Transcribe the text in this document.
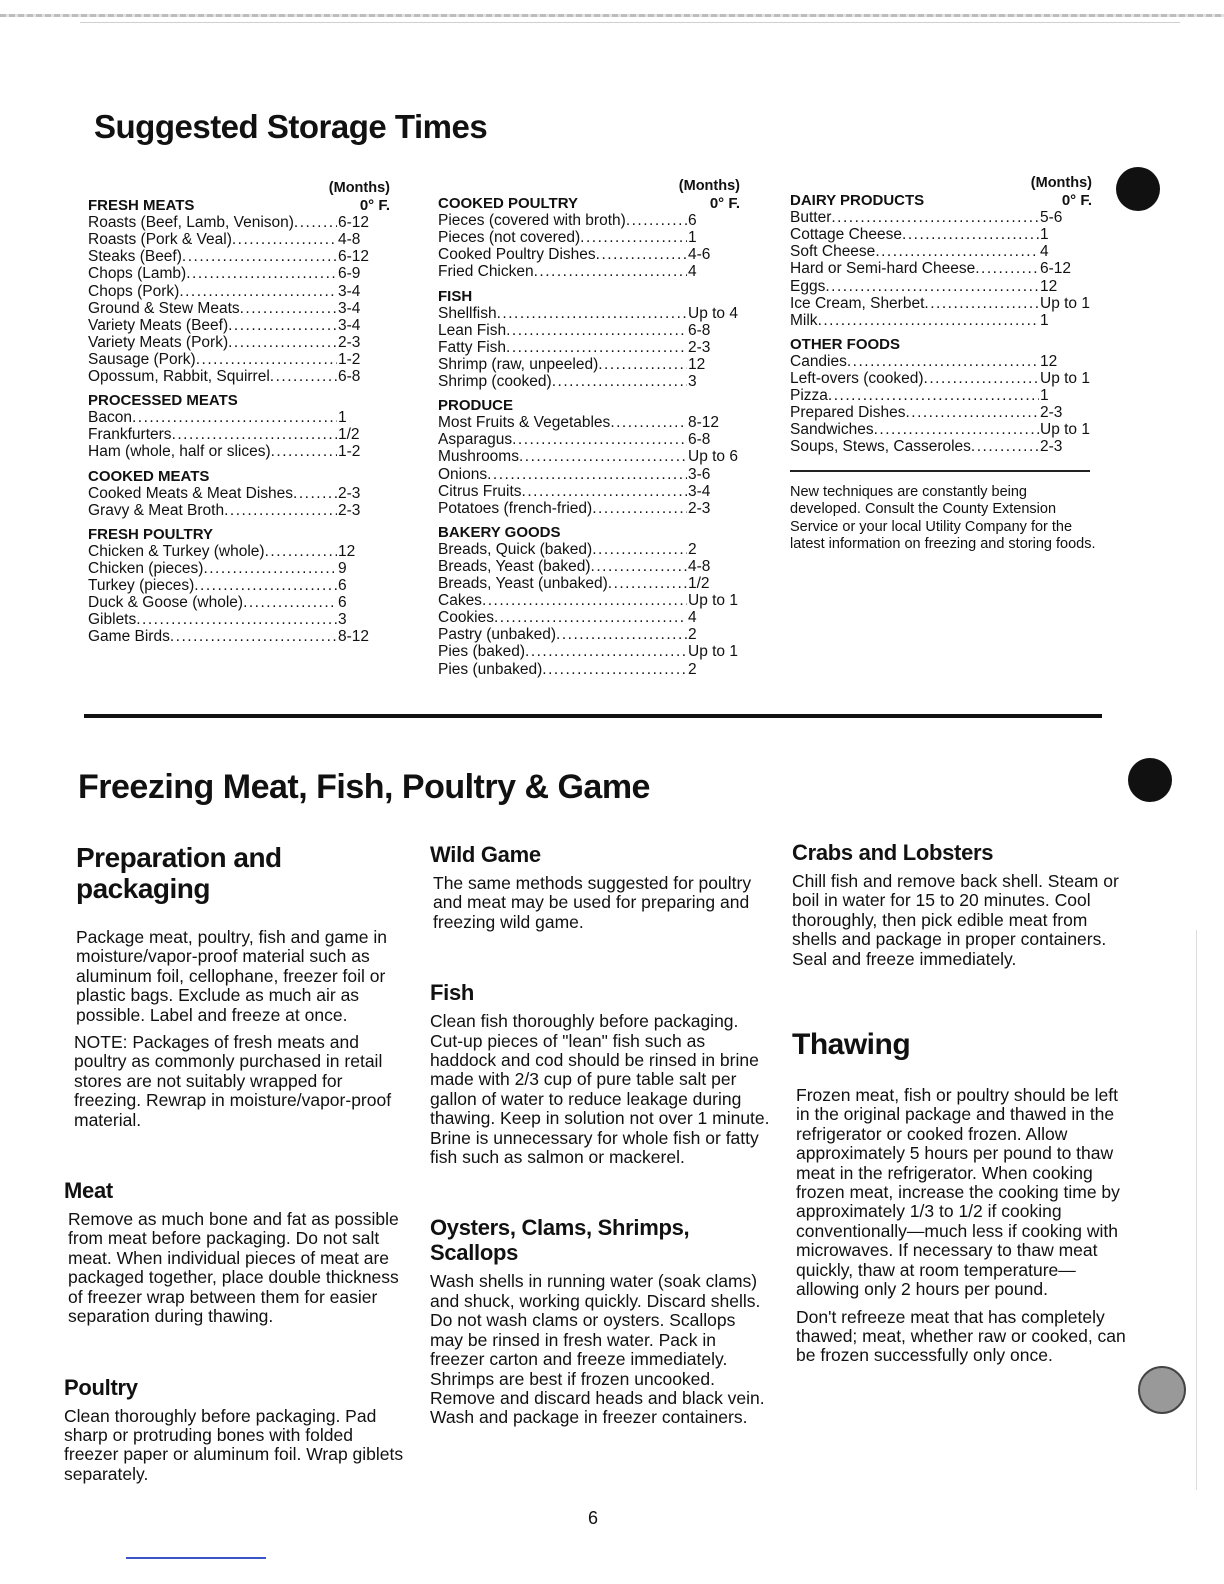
Suggested Storage Times
(Months)
FRESH MEATS	0° F.
Roasts (Beef, Lamb, Venison) .....	6-12
Roasts (Pork & Veal) .....	4-8
Steaks (Beef) .....	6-12
Chops (Lamb) .....	6-9
Chops (Pork) .....	3-4
Ground & Stew Meats .....	3-4
Variety Meats (Beef) .....	3-4
Variety Meats (Pork) .....	2-3
Sausage (Pork) .....	1-2
Opossum, Rabbit, Squirrel .....	6-8
PROCESSED MEATS
Bacon .....	1
Frankfurters .....	1/2
Ham (whole, half or slices) .....	1-2
COOKED MEATS
Cooked Meats & Meat Dishes .....	2-3
Gravy & Meat Broth .....	2-3
FRESH POULTRY
Chicken & Turkey (whole) .....	12
Chicken (pieces) .....	9
Turkey (pieces) .....	6
Duck & Goose (whole) .....	6
Giblets .....	3
Game Birds .....	8-12
(Months)
COOKED POULTRY	0° F.
Pieces (covered with broth) .....	6
Pieces (not covered) .....	1
Cooked Poultry Dishes .....	4-6
Fried Chicken .....	4
FISH
Shellfish .....	Up to 4
Lean Fish .....	6-8
Fatty Fish .....	2-3
Shrimp (raw, unpeeled) .....	12
Shrimp (cooked) .....	3
PRODUCE
Most Fruits & Vegetables .....	8-12
Asparagus .....	6-8
Mushrooms .....	Up to 6
Onions .....	3-6
Citrus Fruits .....	3-4
Potatoes (french-fried) .....	2-3
BAKERY GOODS
Breads, Quick (baked) .....	2
Breads, Yeast (baked) .....	4-8
Breads, Yeast (unbaked) .....	1/2
Cakes .....	Up to 1
Cookies .....	4
Pastry (unbaked) .....	2
Pies (baked) .....	Up to 1
Pies (unbaked) .....	2
(Months)
DAIRY PRODUCTS	0° F.
Butter .....	5-6
Cottage Cheese .....	1
Soft Cheese .....	4
Hard or Semi-hard Cheese .....	6-12
Eggs .....	12
Ice Cream, Sherbet .....	Up to 1
Milk .....	1
OTHER FOODS
Candies .....	12
Left-overs (cooked) .....	Up to 1
Pizza .....	1
Prepared Dishes .....	2-3
Sandwiches .....	Up to 1
Soups, Stews, Casseroles .....	2-3
New techniques are constantly being developed. Consult the County Extension Service or your local Utility Company for the latest information on freezing and storing foods.
Freezing Meat, Fish, Poultry & Game
Preparation and packaging

Package meat, poultry, fish and game in moisture/vapor-proof material such as aluminum foil, cellophane, freezer foil or plastic bags. Exclude as much air as possible. Label and freeze at once.

NOTE: Packages of fresh meats and poultry as commonly purchased in retail stores are not suitably wrapped for freezing. Rewrap in moisture/vapor-proof material.

Meat

Remove as much bone and fat as possible from meat before packaging. Do not salt meat. When individual pieces of meat are packaged together, place double thickness of freezer wrap between them for easier separation during thawing.

Poultry

Clean thoroughly before packaging. Pad sharp or protruding bones with folded freezer paper or aluminum foil. Wrap giblets separately.

Wild Game

The same methods suggested for poultry and meat may be used for preparing and freezing wild game.

Fish

Clean fish thoroughly before packaging. Cut-up pieces of "lean" fish such as haddock and cod should be rinsed in brine made with 2/3 cup of pure table salt per gallon of water to reduce leakage during thawing. Keep in solution not over 1 minute. Brine is unnecessary for whole fish or fatty fish such as salmon or mackerel.

Oysters, Clams, Shrimps, Scallops

Wash shells in running water (soak clams) and shuck, working quickly. Discard shells. Do not wash clams or oysters. Scallops may be rinsed in fresh water. Pack in freezer carton and freeze immediately. Shrimps are best if frozen uncooked. Remove and discard heads and black vein. Wash and package in freezer containers.

Crabs and Lobsters

Chill fish and remove back shell. Steam or boil in water for 15 to 20 minutes. Cool thoroughly, then pick edible meat from shells and package in proper containers. Seal and freeze immediately.

Thawing

Frozen meat, fish or poultry should be left in the original package and thawed in the refrigerator or cooked frozen. Allow approximately 5 hours per pound to thaw meat in the refrigerator. When cooking frozen meat, increase the cooking time by approximately 1/3 to 1/2 if cooking conventionally—much less if cooking with microwaves. If necessary to thaw meat quickly, thaw at room temperature—allowing only 2 hours per pound.

Don't refreeze meat that has completely thawed; meat, whether raw or cooked, can be frozen successfully only once.

6
